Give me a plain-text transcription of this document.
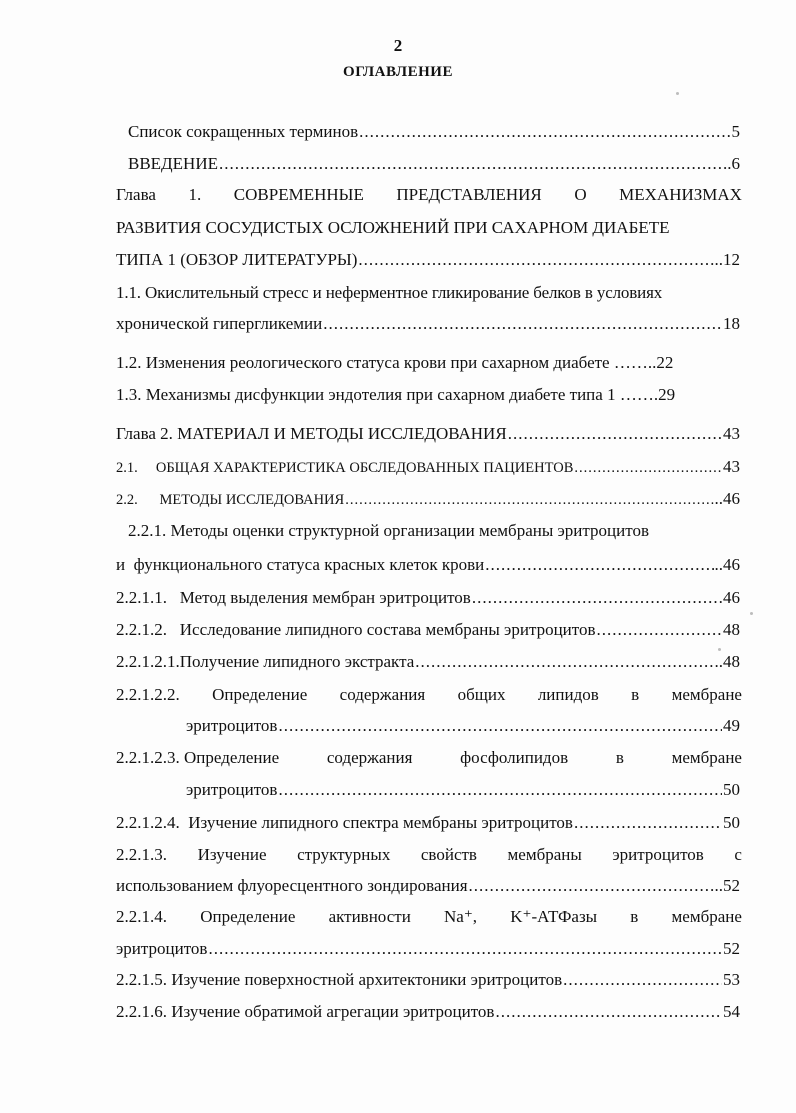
2
ОГЛАВЛЕНИЕ
Список сокращенных терминов .....	5
ВВЕДЕНИЕ .....	..6
Глава 1. СОВРЕМЕННЫЕ ПРЕДСТАВЛЕНИЯ О МЕХАНИЗМАХ
РАЗВИТИЯ СОСУДИСТЫХ ОСЛОЖНЕНИЙ ПРИ САХАРНОМ ДИАБЕТЕ
ТИПА 1 (ОБЗОР ЛИТЕРАТУРЫ) .....	..12
1.1. Окислительный стресс и неферментное гликирование белков в условиях
хронической гипергликемии .....	18
1.2. Изменения реологического статуса крови при сахарном диабете ……..22
1.3. Механизмы дисфункции эндотелия при сахарном диабете типа 1 …….29
Глава 2. МАТЕРИАЛ И МЕТОДЫ ИССЛЕДОВАНИЯ .....	43
2.1.     ОБЩАЯ ХАРАКТЕРИСТИКА ОБСЛЕДОВАННЫХ ПАЦИЕНТОВ .....	43
2.2.      МЕТОДЫ ИССЛЕДОВАНИЯ .....	..46
2.2.1. Методы оценки структурной организации мембраны эритроцитов
и  функционального статуса красных клеток крови .....	..46
2.2.1.1.   Метод выделения мембран эритроцитов .....	46
2.2.1.2.   Исследование липидного состава мембраны эритроцитов .....	48
2.2.1.2.1.Получение липидного экстракта .....	..48
2.2.1.2.2. Определение содержания общих липидов в мембране
эритроцитов .....	49
2.2.1.2.3. Определение	содержания	фосфолипидов	в	мембране
эритроцитов .....	50
2.2.1.2.4.  Изучение липидного спектра мембраны эритроцитов .....	50
2.2.1.3. Изучение структурных свойств мембраны эритроцитов с
использованием флуоресцентного зондирования .....	..52
2.2.1.4. Определение активности Na⁺, K⁺-АТФазы в мембране
эритроцитов .....	52
2.2.1.5. Изучение поверхностной архитектоники эритроцитов .....	53
2.2.1.6. Изучение обратимой агрегации эритроцитов .....	54
